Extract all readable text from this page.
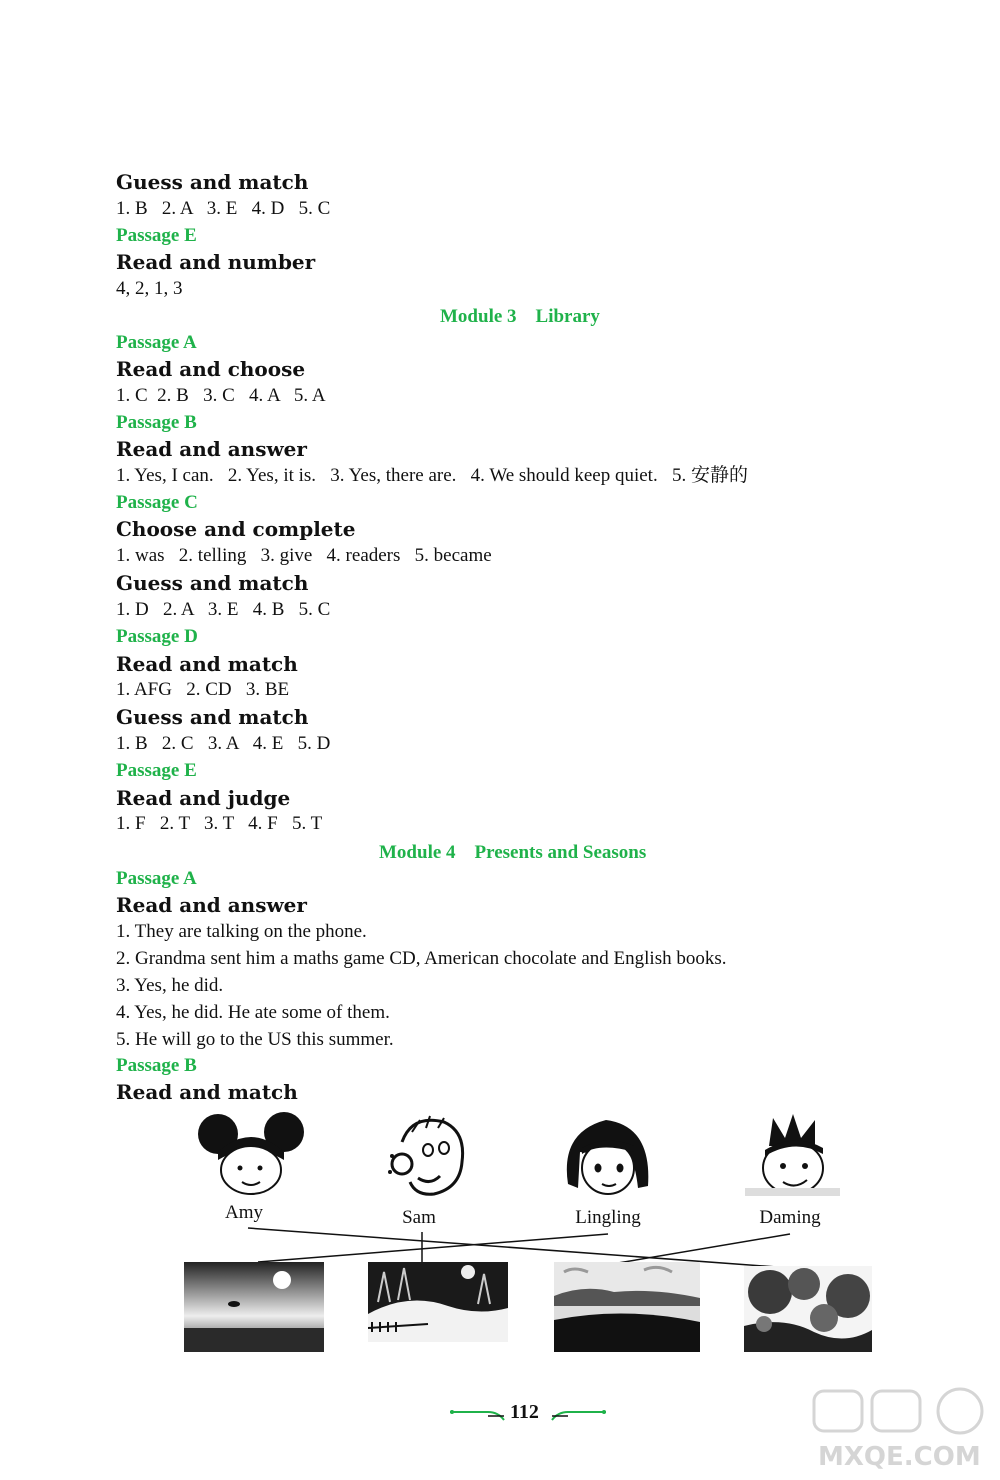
Guess and match
1. B   2. A   3. E   4. D   5. C
Passage E
Read and number
4, 2, 1, 3
Module 3    Library
Passage A
Read and choose
1. C  2. B   3. C   4. A   5. A
Passage B
Read and answer
1. Yes, I can.   2. Yes, it is.   3. Yes, there are.   4. We should keep quiet.   5. 安静的
Passage C
Choose and complete
1. was   2. telling   3. give   4. readers   5. became
Guess and match
1. D   2. A   3. E   4. B   5. C
Passage D
Read and match
1. AFG   2. CD   3. BE
Guess and match
1. B   2. C   3. A   4. E   5. D
Passage E
Read and judge
1. F   2. T   3. T   4. F   5. T
Module 4    Presents and Seasons
Passage A
Read and answer
1. They are talking on the phone.
2. Grandma sent him a maths game CD, American chocolate and English books.
3. Yes, he did.
4. Yes, he did. He ate some of them.
5. He will go to the US this summer.
Passage B
Read and match
Amy	Sam	Lingling	Daming
112
MXQE.COM
